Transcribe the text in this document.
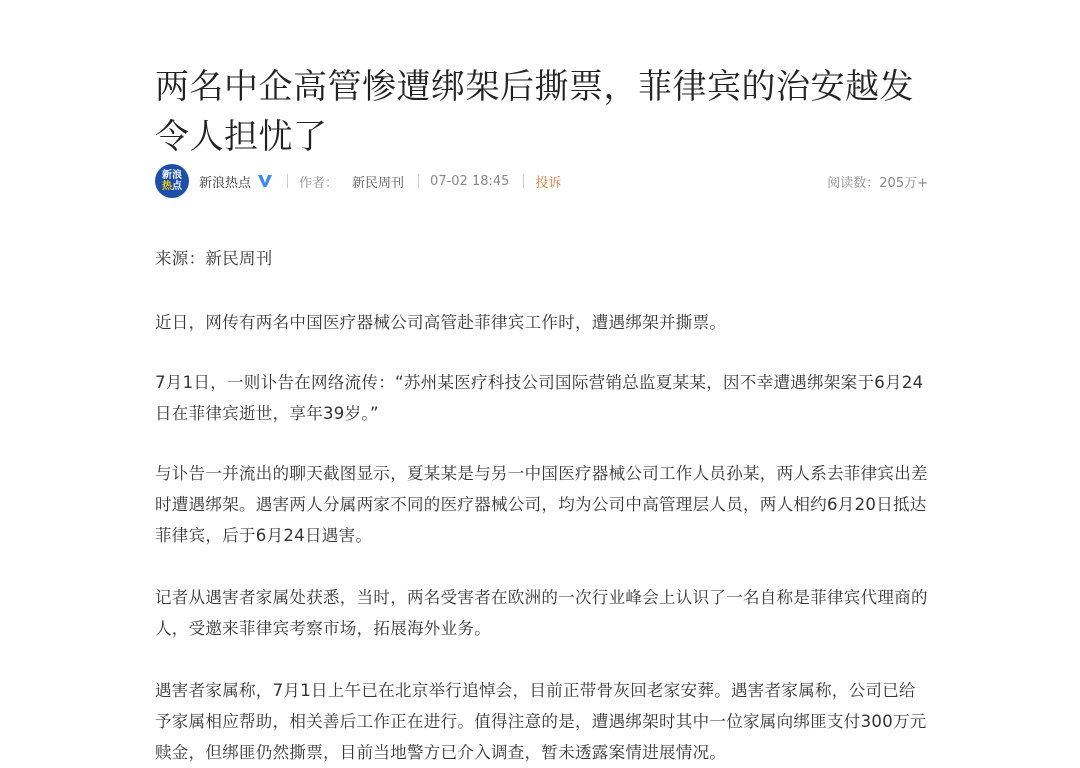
两名中企高管惨遭绑架后撕票，菲律宾的治安越发令人担忧了
新浪
热点 新浪热点	作者： 新民周刊 07-02 18:45 投诉	阅读数：205万+

来源：新民周刊

近日，网传有两名中国医疗器械公司高管赴菲律宾工作时，遭遇绑架并撕票。

7月1日，一则讣告在网络流传：“苏州某医疗科技公司国际营销总监夏某某，因不幸遭遇绑架案于6月24日在菲律宾逝世，享年39岁。”

与讣告一并流出的聊天截图显示，夏某某是与另一中国医疗器械公司工作人员孙某，两人系去菲律宾出差时遭遇绑架。遇害两人分属两家不同的医疗器械公司，均为公司中高管理层人员，两人相约6月20日抵达菲律宾，后于6月24日遇害。

记者从遇害者家属处获悉，当时，两名受害者在欧洲的一次行业峰会上认识了一名自称是菲律宾代理商的人，受邀来菲律宾考察市场，拓展海外业务。

遇害者家属称，7月1日上午已在北京举行追悼会，目前正带骨灰回老家安葬。遇害者家属称，公司已给予家属相应帮助，相关善后工作正在进行。值得注意的是，遭遇绑架时其中一位家属向绑匪支付300万元赎金，但绑匪仍然撕票，目前当地警方已介入调查，暂未透露案情进展情况。
